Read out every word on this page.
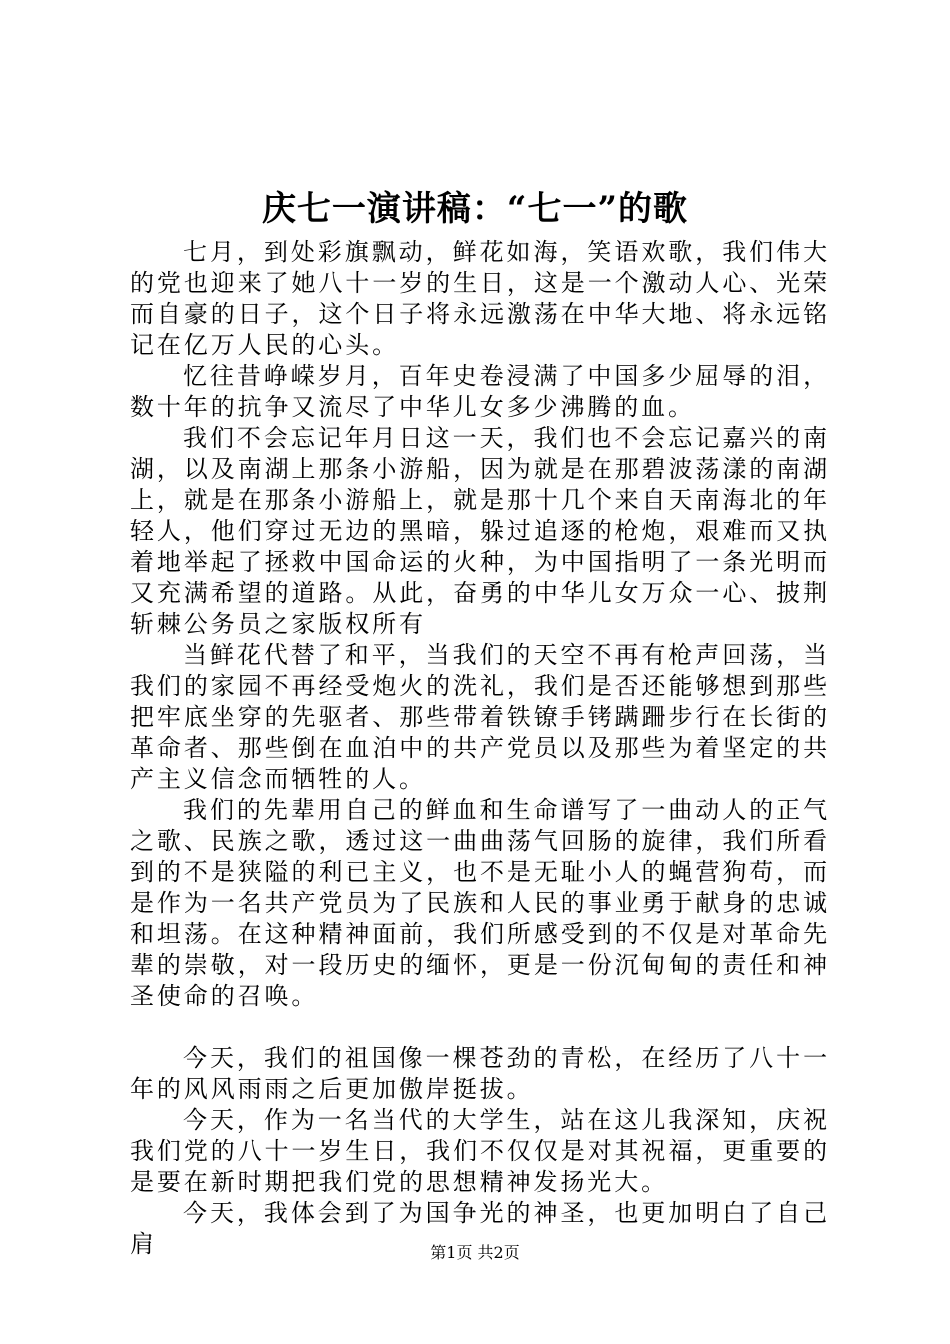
庆七一演讲稿：“七一”的歌

七月，到处彩旗飘动，鲜花如海，笑语欢歌，我们伟大的党也迎来了她八十一岁的生日，这是一个激动人心、光荣而自豪的日子，这个日子将永远激荡在中华大地、将永远铭记在亿万人民的心头。

忆往昔峥嵘岁月，百年史卷浸满了中国多少屈辱的泪，数十年的抗争又流尽了中华儿女多少沸腾的血。

我们不会忘记年月日这一天，我们也不会忘记嘉兴的南湖，以及南湖上那条小游船，因为就是在那碧波荡漾的南湖上，就是在那条小游船上，就是那十几个来自天南海北的年轻人，他们穿过无边的黑暗，躲过追逐的枪炮，艰难而又执着地举起了拯救中国命运的火种，为中国指明了一条光明而又充满希望的道路。从此，奋勇的中华儿女万众一心、披荆斩棘公务员之家版权所有

当鲜花代替了和平，当我们的天空不再有枪声回荡，当我们的家园不再经受炮火的洗礼，我们是否还能够想到那些把牢底坐穿的先驱者、那些带着铁镣手铐蹒跚步行在长街的革命者、那些倒在血泊中的共产党员以及那些为着坚定的共产主义信念而牺牲的人。

我们的先辈用自己的鲜血和生命谱写了一曲动人的正气之歌、民族之歌，透过这一曲曲荡气回肠的旋律，我们所看到的不是狭隘的利已主义，也不是无耻小人的蝇营狗苟，而是作为一名共产党员为了民族和人民的事业勇于献身的忠诚和坦荡。在这种精神面前，我们所感受到的不仅是对革命先辈的崇敬，对一段历史的缅怀，更是一份沉甸甸的责任和神圣使命的召唤。

今天，我们的祖国像一棵苍劲的青松，在经历了八十一年的风风雨雨之后更加傲岸挺拔。

今天，作为一名当代的大学生，站在这儿我深知，庆祝我们党的八十一岁生日，我们不仅仅是对其祝福，更重要的是要在新时期把我们党的思想精神发扬光大。

今天，我体会到了为国争光的神圣，也更加明白了自己肩	第1页 共2页
